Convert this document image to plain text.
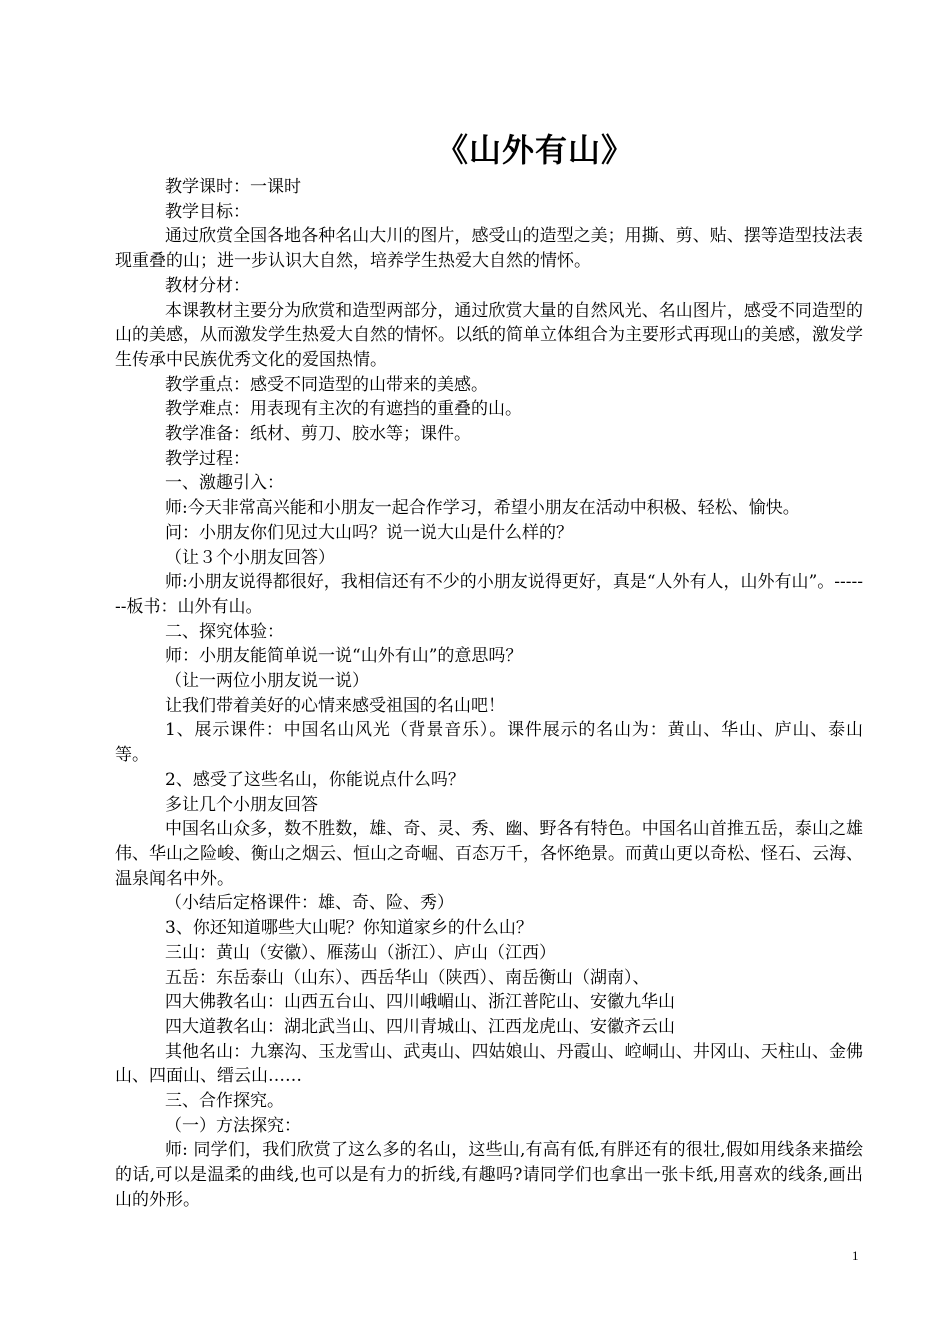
《山外有山》

教学课时：一课时

教学目标：

通过欣赏全国各地各种名山大川的图片，感受山的造型之美；用撕、剪、贴、摆等造型技法表现重叠的山；进一步认识大自然，培养学生热爱大自然的情怀。

教材分材：

本课教材主要分为欣赏和造型两部分，通过欣赏大量的自然风光、名山图片，感受不同造型的山的美感，从而激发学生热爱大自然的情怀。以纸的简单立体组合为主要形式再现山的美感，激发学生传承中民族优秀文化的爱国热情。

教学重点：感受不同造型的山带来的美感。

教学难点：用表现有主次的有遮挡的重叠的山。

教学准备：纸材、剪刀、胶水等；课件。

教学过程：

一、激趣引入：

师:今天非常高兴能和小朋友一起合作学习，希望小朋友在活动中积极、轻松、愉快。

问：小朋友你们见过大山吗？说一说大山是什么样的？

（让３个小朋友回答）

师:小朋友说得都很好，我相信还有不少的小朋友说得更好，真是“人外有人，山外有山”。-------板书：山外有山。

二、探究体验：

师：小朋友能简单说一说“山外有山”的意思吗？

（让一两位小朋友说一说）

让我们带着美好的心情来感受祖国的名山吧！

1、展示课件：中国名山风光（背景音乐）。课件展示的名山为：黄山、华山、庐山、泰山等。

2、感受了这些名山，你能说点什么吗？

多让几个小朋友回答

中国名山众多，数不胜数，雄、奇、灵、秀、幽、野各有特色。中国名山首推五岳，泰山之雄伟、华山之险峻、衡山之烟云、恒山之奇崛、百态万千，各怀绝景。而黄山更以奇松、怪石、云海、温泉闻名中外。

（小结后定格课件：雄、奇、险、秀）

3、你还知道哪些大山呢？你知道家乡的什么山？

三山：黄山（安徽）、雁荡山（浙江）、庐山（江西）

五岳：东岳泰山（山东）、西岳华山（陕西）、南岳衡山（湖南）、

四大佛教名山：山西五台山、四川峨嵋山、浙江普陀山、安徽九华山

四大道教名山：湖北武当山、四川青城山、江西龙虎山、安徽齐云山

其他名山：九寨沟、玉龙雪山、武夷山、四姑娘山、丹霞山、崆峒山、井冈山、天柱山、金佛山、四面山、缙云山……

三、合作探究。

（一）方法探究：

师: 同学们，我们欣赏了这么多的名山，这些山,有高有低,有胖还有的很壮,假如用线条来描绘的话,可以是温柔的曲线,也可以是有力的折线,有趣吗?请同学们也拿出一张卡纸,用喜欢的线条,画出山的外形。

1
